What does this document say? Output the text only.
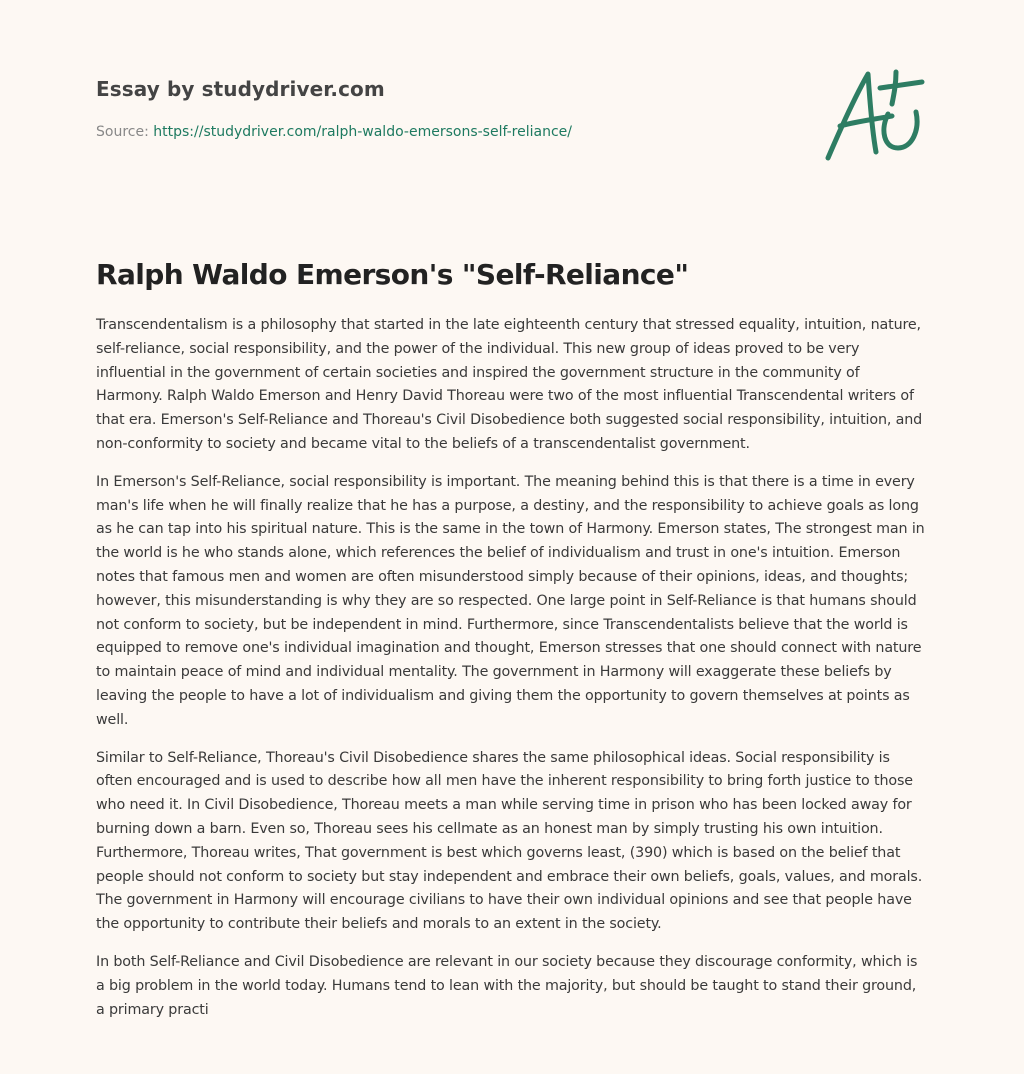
Essay by studydriver.com
Source: https://studydriver.com/ralph-waldo-emersons-self-reliance/
Ralph Waldo Emerson's "Self-Reliance"

Transcendentalism is a philosophy that started in the late eighteenth century that stressed equality, intuition, nature, self-reliance, social responsibility, and the power of the individual. This new group of ideas proved to be very influential in the government of certain societies and inspired the government structure in the community of Harmony. Ralph Waldo Emerson and Henry David Thoreau were two of the most influential Transcendental writers of that era. Emerson's Self-Reliance and Thoreau's Civil Disobedience both suggested social responsibility, intuition, and non-conformity to society and became vital to the beliefs of a transcendentalist government.

In Emerson's Self-Reliance, social responsibility is important. The meaning behind this is that there is a time in every man's life when he will finally realize that he has a purpose, a destiny, and the responsibility to achieve goals as long as he can tap into his spiritual nature. This is the same in the town of Harmony. Emerson states, The strongest man in the world is he who stands alone, which references the belief of individualism and trust in one's intuition. Emerson notes that famous men and women are often misunderstood simply because of their opinions, ideas, and thoughts; however, this misunderstanding is why they are so respected. One large point in Self-Reliance is that humans should not conform to society, but be independent in mind. Furthermore, since Transcendentalists believe that the world is equipped to remove one's individual imagination and thought, Emerson stresses that one should connect with nature to maintain peace of mind and individual mentality. The government in Harmony will exaggerate these beliefs by leaving the people to have a lot of individualism and giving them the opportunity to govern themselves at points as well.

Similar to Self-Reliance, Thoreau's Civil Disobedience shares the same philosophical ideas. Social responsibility is often encouraged and is used to describe how all men have the inherent responsibility to bring forth justice to those who need it. In Civil Disobedience, Thoreau meets a man while serving time in prison who has been locked away for burning down a barn. Even so, Thoreau sees his cellmate as an honest man by simply trusting his own intuition. Furthermore, Thoreau writes, That government is best which governs least, (390) which is based on the belief that people should not conform to society but stay independent and embrace their own beliefs, goals, values, and morals. The government in Harmony will encourage civilians to have their own individual opinions and see that people have the opportunity to contribute their beliefs and morals to an extent in the society.

In both Self-Reliance and Civil Disobedience are relevant in our society because they discourage conformity, which is a big problem in the world today. Humans tend to lean with the majority, but should be taught to stand their ground, a primary practi
